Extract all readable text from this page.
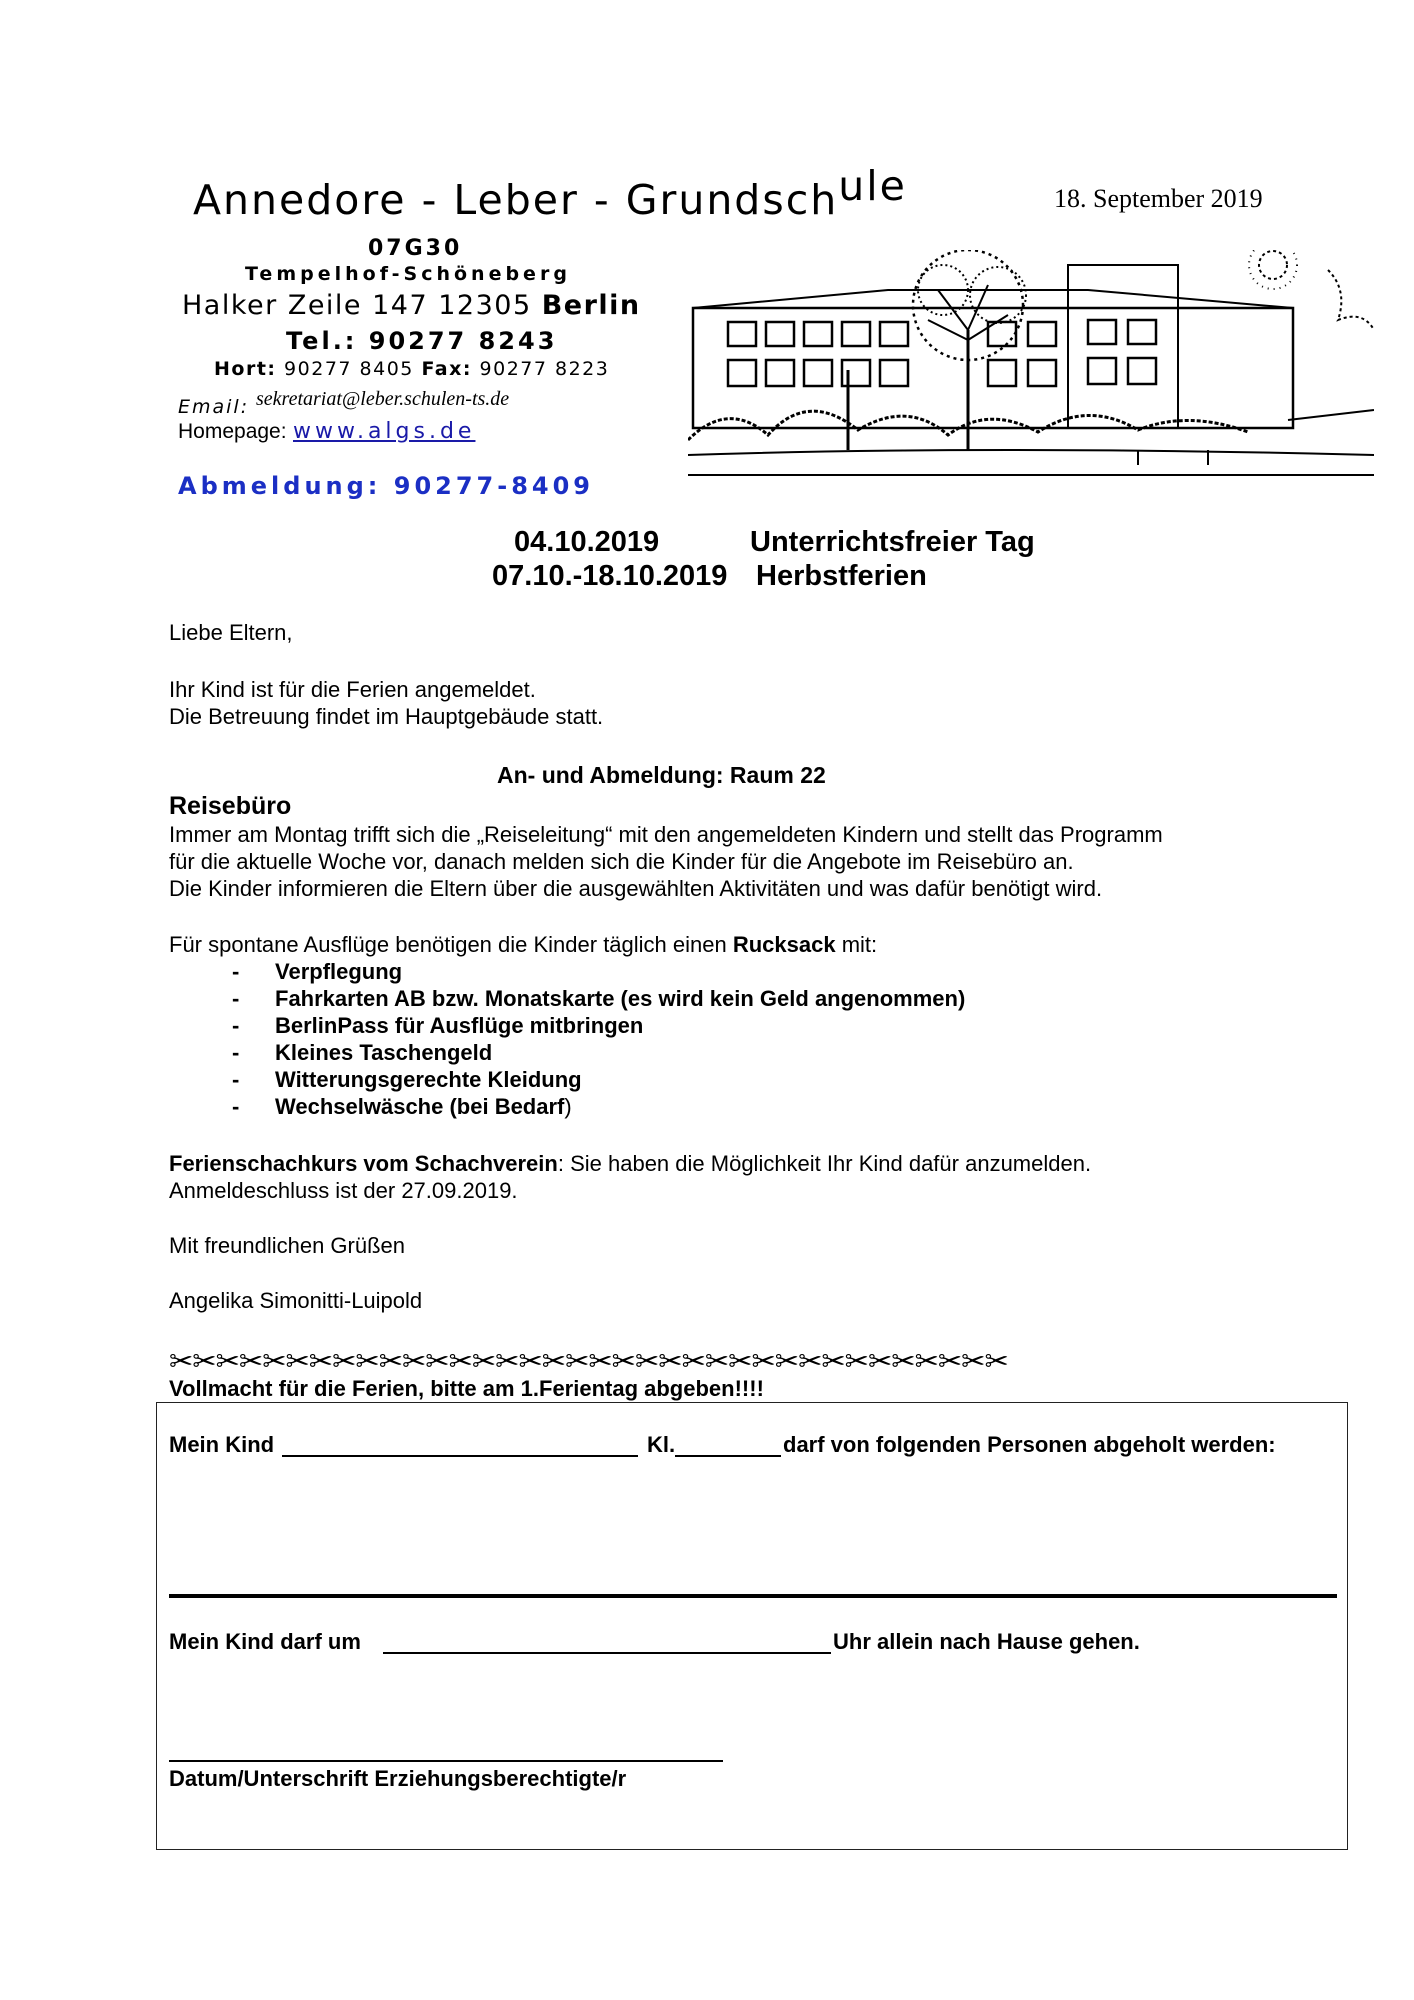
Annedore - Leber - Grundschule	18. September 2019
07G30
Tempelhof-Schöneberg
Halker Zeile 147 12305 Berlin
Tel.: 90277 8243
Hort: 90277 8405 Fax: 90277 8223
Email: sekretariat@leber.schulen-ts.de
Homepage: www.algs.de
Abmeldung: 90277-8409
04.10.2019	Unterrichtsfreier Tag
07.10.-18.10.2019 Herbstferien
Liebe Eltern,
Ihr Kind ist für die Ferien angemeldet.
Die Betreuung findet im Hauptgebäude statt.
An- und Abmeldung: Raum 22
Reisebüro
Immer am Montag trifft sich die „Reiseleitung“ mit den angemeldeten Kindern und stellt das Programm
für die aktuelle Woche vor, danach melden sich die Kinder für die Angebote im Reisebüro an.
Die Kinder informieren die Eltern über die ausgewählten Aktivitäten und was dafür benötigt wird.
Für spontane Ausflüge benötigen die Kinder täglich einen Rucksack mit:
- Verpflegung
- Fahrkarten AB bzw. Monatskarte (es wird kein Geld angenommen)
- BerlinPass für Ausflüge mitbringen
- Kleines Taschengeld
- Witterungsgerechte Kleidung
- Wechselwäsche (bei Bedarf)
Ferienschachkurs vom Schachverein: Sie haben die Möglichkeit Ihr Kind dafür anzumelden.
Anmeldeschluss ist der 27.09.2019.
Mit freundlichen Grüßen
Angelika Simonitti-Luipold
✂✂✂✂✂✂✂✂✂✂✂✂✂✂✂✂✂✂✂✂✂✂✂✂✂✂✂✂✂✂✂✂✂✂✂✂
Vollmacht für die Ferien, bitte am 1.Ferientag abgeben!!!!
Mein Kind	Kl.	darf von folgenden Personen abgeholt werden:
Mein Kind darf um	Uhr allein nach Hause gehen.
Datum/Unterschrift Erziehungsberechtigte/r
